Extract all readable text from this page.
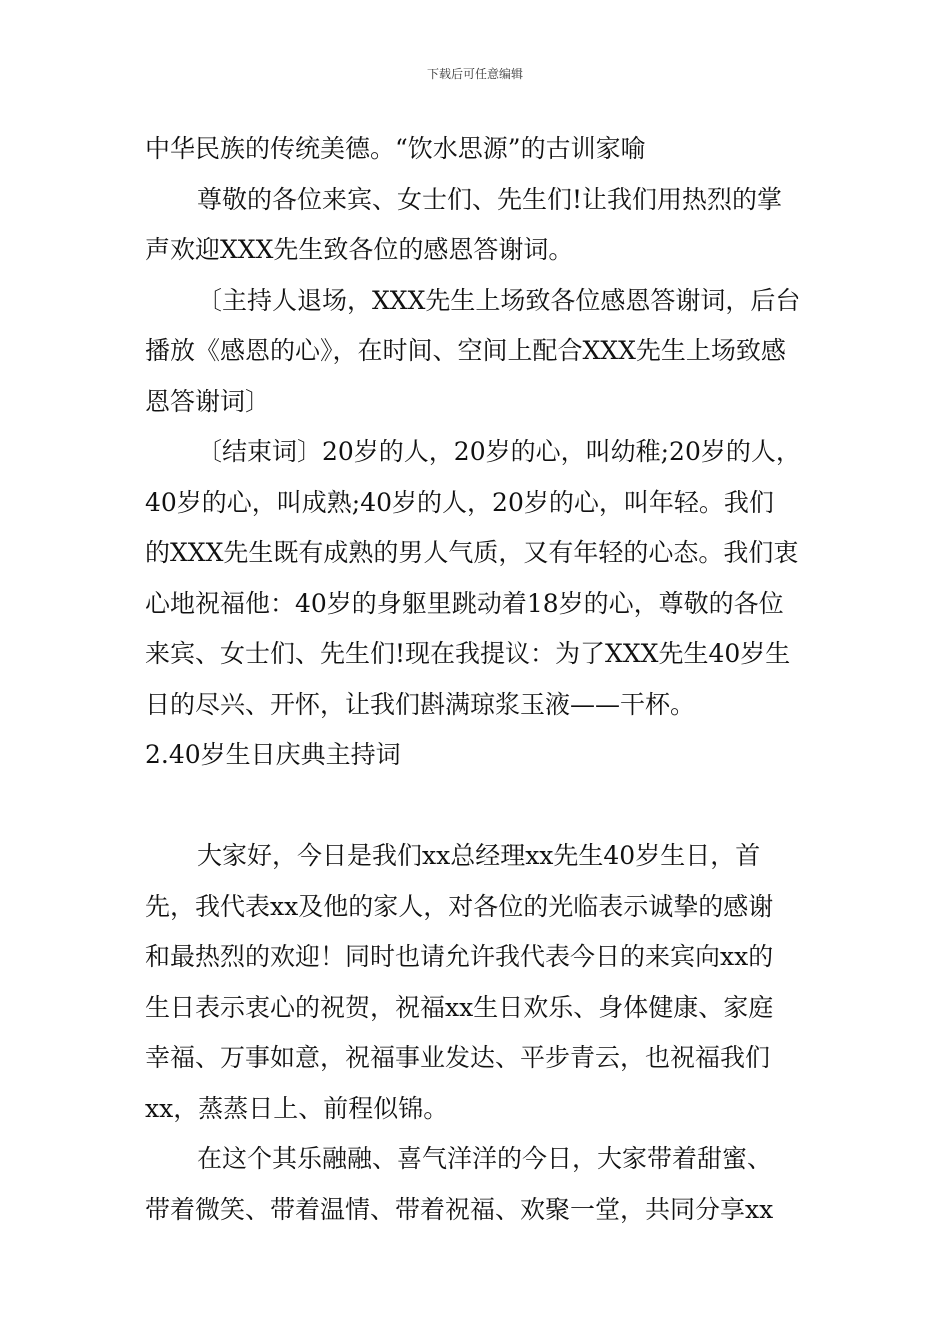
下载后可任意编辑
中华民族的传统美德。“饮水思源”的古训家喻
尊敬的各位来宾、女士们、先生们!让我们用热烈的掌
声欢迎XXX先生致各位的感恩答谢词。
〔主持人退场，XXX先生上场致各位感恩答谢词，后台
播放《感恩的心》，在时间、空间上配合XXX先生上场致感
恩答谢词〕
〔结束词〕20岁的人，20岁的心，叫幼稚;20岁的人，
40岁的心，叫成熟;40岁的人，20岁的心，叫年轻。我们
的XXX先生既有成熟的男人气质，又有年轻的心态。我们衷
心地祝福他：40岁的身躯里跳动着18岁的心，尊敬的各位
来宾、女士们、先生们!现在我提议：为了XXX先生40岁生
日的尽兴、开怀，让我们斟满琼浆玉液——干杯。
2.40岁生日庆典主持词
大家好，今日是我们xx总经理xx先生40岁生日，首
先，我代表xx及他的家人，对各位的光临表示诚挚的感谢
和最热烈的欢迎！同时也请允许我代表今日的来宾向xx的
生日表示衷心的祝贺，祝福xx生日欢乐、身体健康、家庭
幸福、万事如意，祝福事业发达、平步青云，也祝福我们
xx，蒸蒸日上、前程似锦。
在这个其乐融融、喜气洋洋的今日，大家带着甜蜜、
带着微笑、带着温情、带着祝福、欢聚一堂，共同分享xx
